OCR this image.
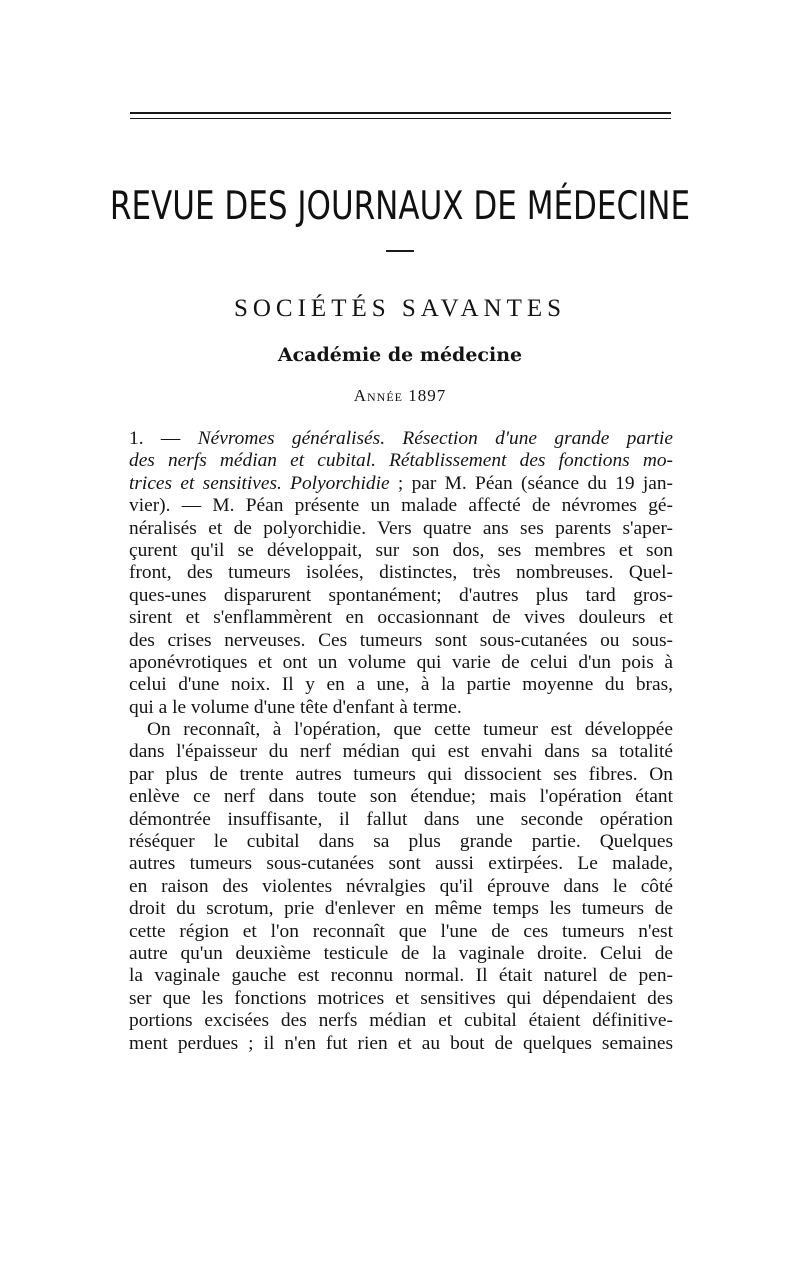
REVUE DES JOURNAUX DE MÉDECINE
SOCIÉTÉS SAVANTES
Académie de médecine
Année 1897
1. — Névromes généralisés. Résection d'une grande partie
des nerfs médian et cubital. Rétablissement des fonctions mo-
trices et sensitives. Polyorchidie ; par M. Péan (séance du 19 jan-
vier). — M. Péan présente un malade affecté de névromes gé-
néralisés et de polyorchidie. Vers quatre ans ses parents s'aper-
çurent qu'il se développait, sur son dos, ses membres et son
front, des tumeurs isolées, distinctes, très nombreuses. Quel-
ques-unes disparurent spontanément; d'autres plus tard gros-
sirent et s'enflammèrent en occasionnant de vives douleurs et
des crises nerveuses. Ces tumeurs sont sous-cutanées ou sous-
aponévrotiques et ont un volume qui varie de celui d'un pois à
celui d'une noix. Il y en a une, à la partie moyenne du bras,
qui a le volume d'une tête d'enfant à terme.
On reconnaît, à l'opération, que cette tumeur est développée
dans l'épaisseur du nerf médian qui est envahi dans sa totalité
par plus de trente autres tumeurs qui dissocient ses fibres. On
enlève ce nerf dans toute son étendue; mais l'opération étant
démontrée insuffisante, il fallut dans une seconde opération
réséquer le cubital dans sa plus grande partie. Quelques
autres tumeurs sous-cutanées sont aussi extirpées. Le malade,
en raison des violentes névralgies qu'il éprouve dans le côté
droit du scrotum, prie d'enlever en même temps les tumeurs de
cette région et l'on reconnaît que l'une de ces tumeurs n'est
autre qu'un deuxième testicule de la vaginale droite. Celui de
la vaginale gauche est reconnu normal. Il était naturel de pen-
ser que les fonctions motrices et sensitives qui dépendaient des
portions excisées des nerfs médian et cubital étaient définitive-
ment perdues ; il n'en fut rien et au bout de quelques semaines
